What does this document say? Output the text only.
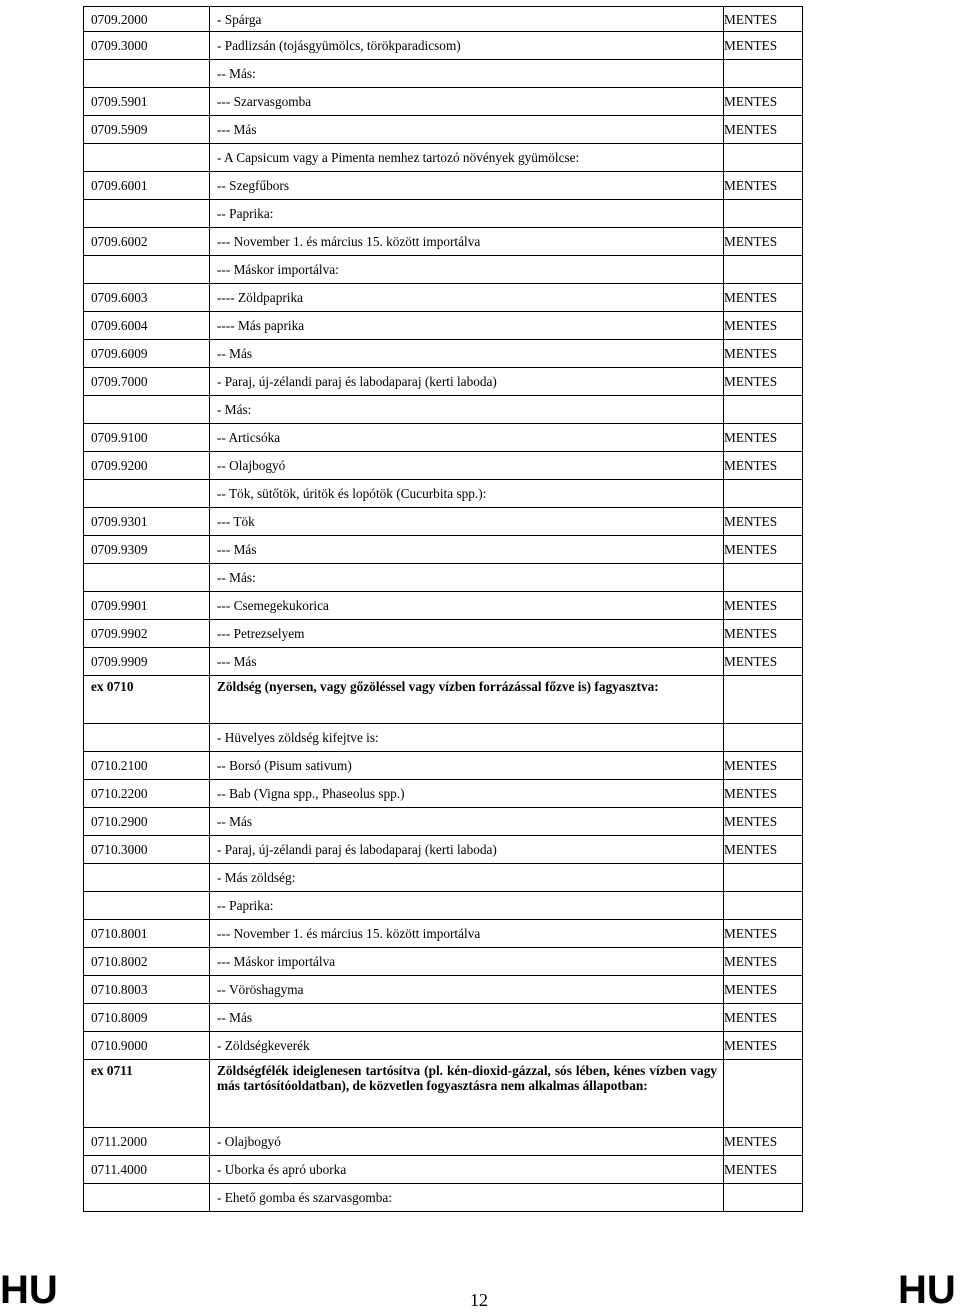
0709.2000	- Spárga	MENTES
0709.3000	- Padlizsán (tojásgyümölcs, törökparadicsom)	MENTES
	-- Más:	
0709.5901	--- Szarvasgomba	MENTES
0709.5909	--- Más	MENTES
	- A Capsicum vagy a Pimenta nemhez tartozó növények gyümölcse:	
0709.6001	-- Szegfűbors	MENTES
	-- Paprika:	
0709.6002	--- November 1. és március 15. között importálva	MENTES
	--- Máskor importálva:	
0709.6003	---- Zöldpaprika	MENTES
0709.6004	---- Más paprika	MENTES
0709.6009	-- Más	MENTES
0709.7000	- Paraj, új-zélandi paraj és labodaparaj (kerti laboda)	MENTES
	- Más:	
0709.9100	-- Articsóka	MENTES
0709.9200	-- Olajbogyó	MENTES
	-- Tök, sütőtök, úritök és lopótök (Cucurbita spp.):	
0709.9301	--- Tök	MENTES
0709.9309	--- Más	MENTES
	-- Más:	
0709.9901	--- Csemegekukorica	MENTES
0709.9902	--- Petrezselyem	MENTES
0709.9909	--- Más	MENTES
ex 0710	Zöldség (nyersen, vagy gőzöléssel vagy vízben forrázással főzve is) fagyasztva:	
	- Hüvelyes zöldség kifejtve is:	
0710.2100	-- Borsó (Pisum sativum)	MENTES
0710.2200	-- Bab (Vigna spp., Phaseolus spp.)	MENTES
0710.2900	-- Más	MENTES
0710.3000	- Paraj, új-zélandi paraj és labodaparaj (kerti laboda)	MENTES
	- Más zöldség:	
	-- Paprika:	
0710.8001	--- November 1. és március 15. között importálva	MENTES
0710.8002	--- Máskor importálva	MENTES
0710.8003	-- Vöröshagyma	MENTES
0710.8009	-- Más	MENTES
0710.9000	- Zöldségkeverék	MENTES
ex 0711	Zöldségfélék ideiglenesen tartósítva (pl. kén-dioxid-gázzal, sós lében, kénes vízben vagy más tartósítóoldatban), de közvetlen fogyasztásra nem alkalmas állapotban:	
0711.2000	- Olajbogyó	MENTES
0711.4000	- Uborka és apró uborka	MENTES
	- Ehető gomba és szarvasgomba:	
HU	12	HU
